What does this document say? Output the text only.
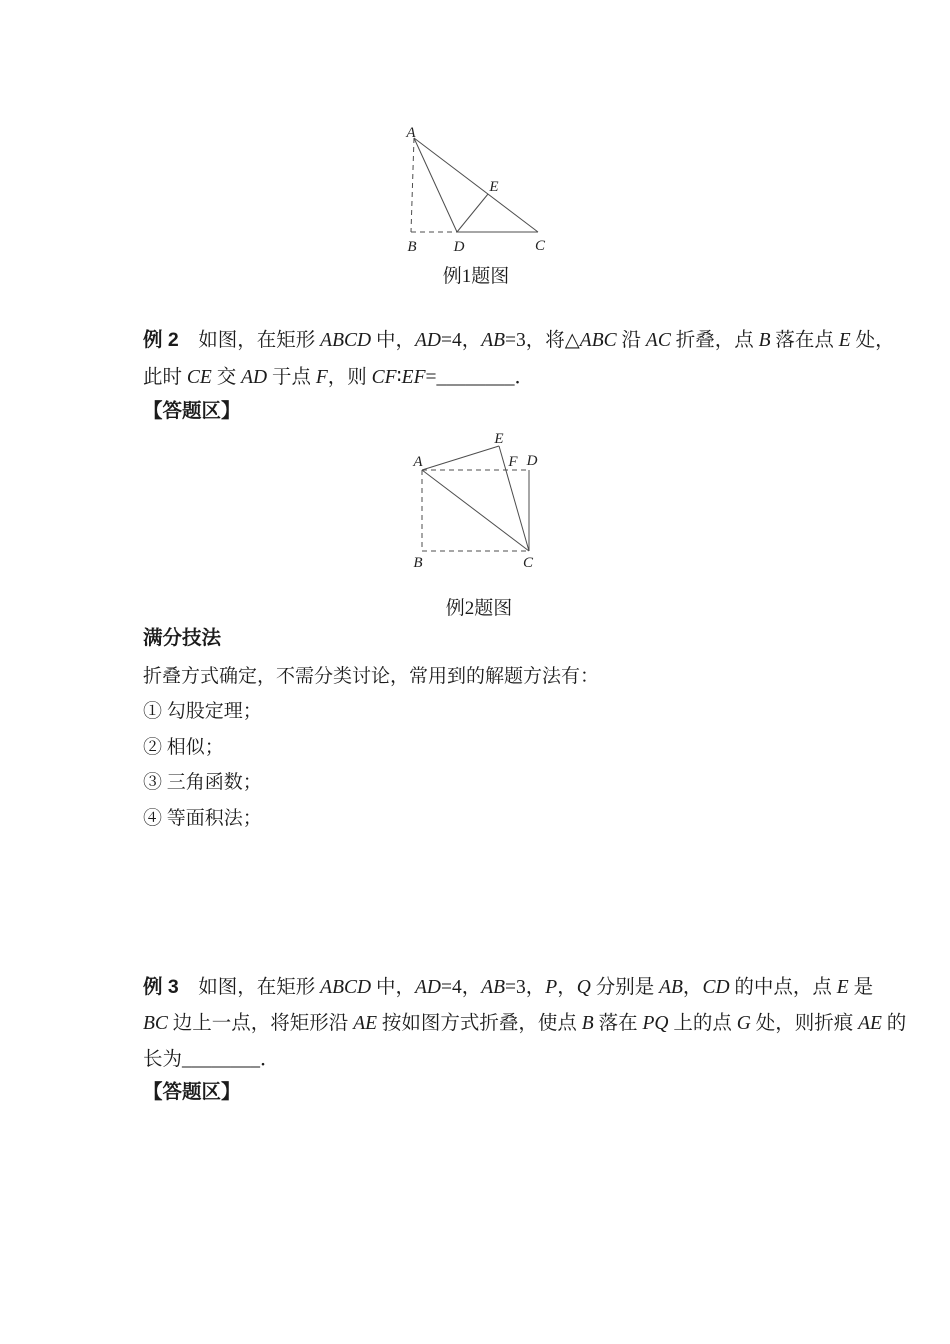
A
B D	C
E
例1题图
例 2　如图，在矩形 ABCD 中，AD=4，AB=3，将△ABC 沿 AC 折叠，点 B 落在点 E 处，
此时 CE 交 AD 于点 F，则 CF∶EF=________．
【答题区】
E
A	F D
B	C
例2题图
满分技法
折叠方式确定，不需分类讨论，常用到的解题方法有：
① 勾股定理；
② 相似；
③ 三角函数；
④ 等面积法；
例 3　如图，在矩形 ABCD 中，AD=4，AB=3，P，Q 分别是 AB，CD 的中点，点 E 是
BC 边上一点，将矩形沿 AE 按如图方式折叠，使点 B 落在 PQ 上的点 G 处，则折痕 AE 的
长为________．
【答题区】
